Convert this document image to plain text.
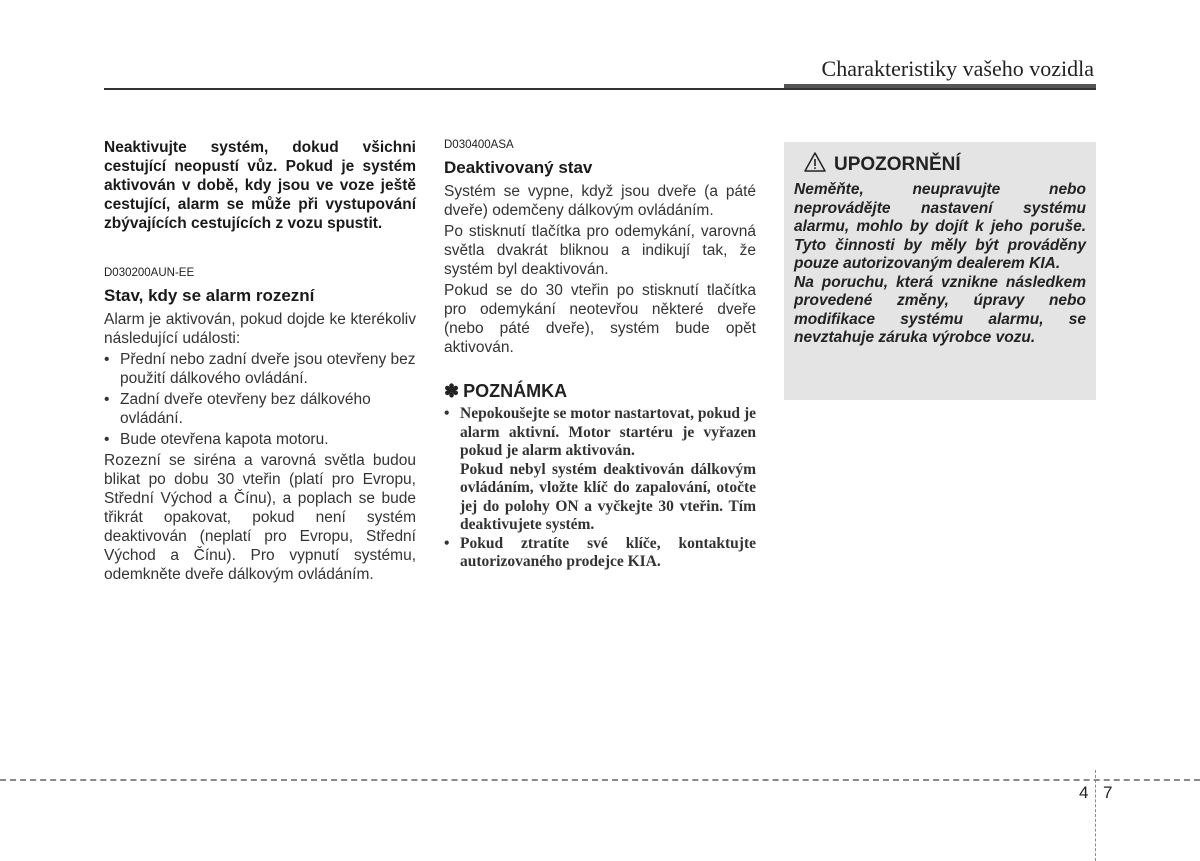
Charakteristiky vašeho vozidla

Neaktivujte systém, dokud všichni cestující neopustí vůz. Pokud je systém aktivován v době, kdy jsou ve voze ještě cestující, alarm se může při vystupování zbývajících cestujících z vozu spustit.

D030200AUN-EE

Stav, kdy se alarm rozezní

Alarm je aktivován, pokud dojde ke kterékoliv následující události:

• Přední nebo zadní dveře jsou otevřeny bez použití dálkového ovládání.
• Zadní dveře otevřeny bez dálkového ovládání.
• Bude otevřena kapota motoru.

Rozezní se siréna a varovná světla budou blikat po dobu 30 vteřin (platí pro Evropu, Střední Východ a Čínu), a poplach se bude třikrát opakovat, pokud není systém deaktivován (neplatí pro Evropu, Střední Východ a Čínu). Pro vypnutí systému, odemkněte dveře dálkovým ovládáním.

D030400ASA

Deaktivovaný stav

Systém se vypne, když jsou dveře (a páté dveře) odemčeny dálkovým ovládáním.

Po stisknutí tlačítka pro odemykání, varovná světla dvakrát bliknou a indikují tak, že systém byl deaktivován.

Pokud se do 30 vteřin po stisknutí tlačítka pro odemykání neotevřou některé dveře (nebo páté dveře), systém bude opět aktivován.

✽ POZNÁMKA
• Nepokoušejte se motor nastartovat, pokud je alarm aktivní. Motor startéru je vyřazen pokud je alarm aktivován.

Pokud nebyl systém deaktivován dálkovým ovládáním, vložte klíč do zapalování, otočte jej do polohy ON a vyčkejte 30 vteřin. Tím deaktivujete systém.

• Pokud ztratíte své klíče, kontaktujte autorizovaného prodejce KIA.

UPOZORNĚNÍ

Neměňte, neupravujte nebo neprovádějte nastavení systému alarmu, mohlo by dojít k jeho poruše. Tyto činnosti by měly být prováděny pouze autorizovaným dealerem KIA.

Na poruchu, která vznikne následkem provedené změny, úpravy nebo modifikace systému alarmu, se nevztahuje záruka výrobce vozu.

4 7
